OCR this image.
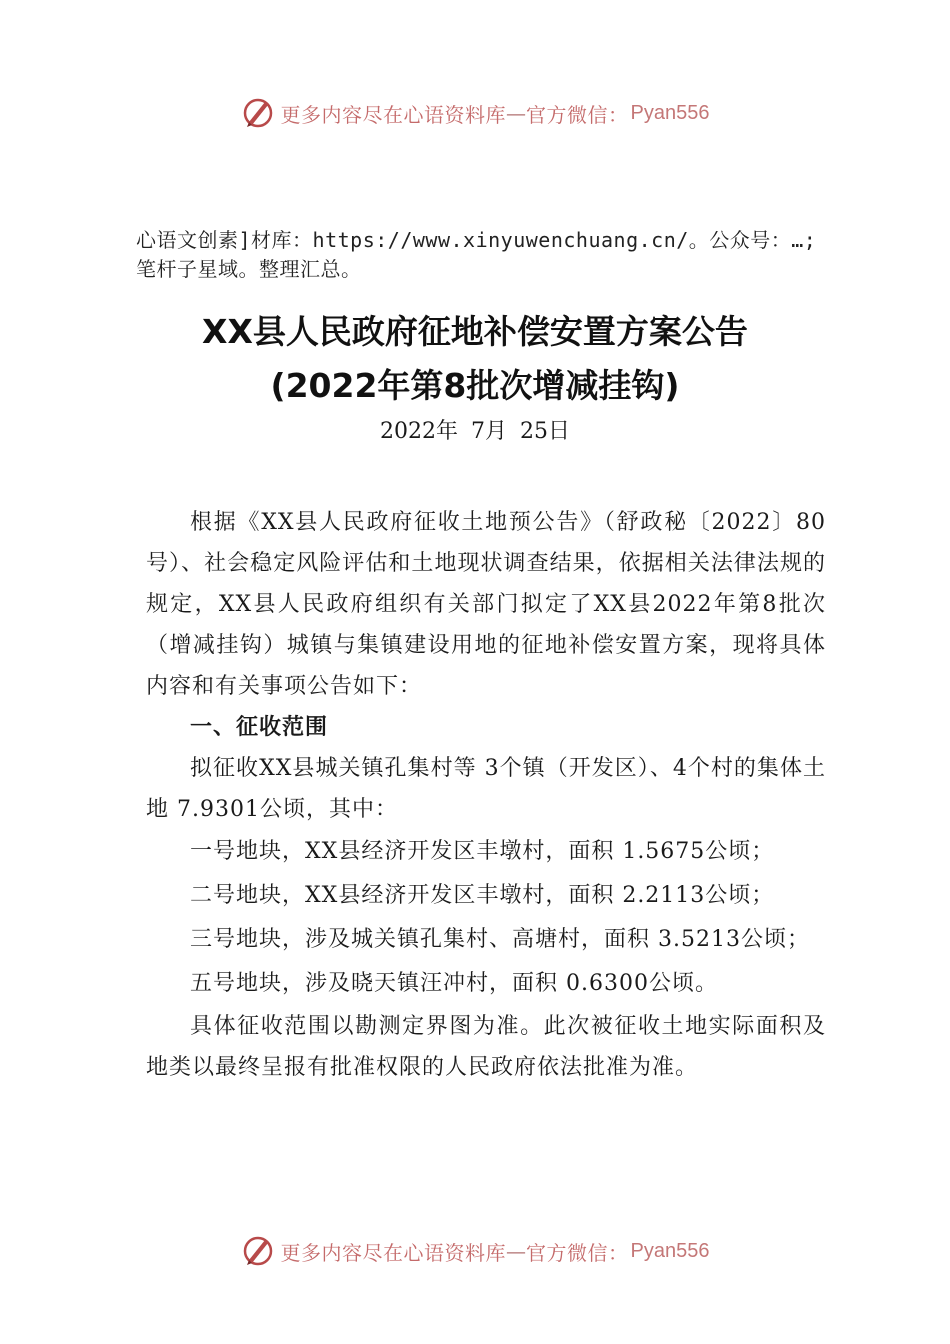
更多内容尽在心语资料库 — 官方微信： Pyan556
心语文创素]材库：https://www.xinyuwenchuang.cn/。公众号：…;笔杆子星域。整理汇总。
XX县人民政府征地补偿安置方案公告
(2022年第8批次增减挂钩)
2022年 7月 25日

根据《XX县人民政府征收土地预公告》（舒政秘〔2022〕80号）、社会稳定风险评估和土地现状调查结果，依据相关法律法规的规定，XX县人民政府组织有关部门拟定了XX县2022年第8批次（增减挂钩）城镇与集镇建设用地的征地补偿安置方案，现将具体内容和有关事项公告如下：

一、征收范围

拟征收XX县城关镇孔集村等 3个镇（开发区）、4个村的集体土地 7.9301公顷，其中：

一号地块，XX县经济开发区丰墩村，面积 1.5675公顷；

二号地块，XX县经济开发区丰墩村，面积 2.2113公顷；

三号地块，涉及城关镇孔集村、高塘村，面积 3.5213公顷；

五号地块，涉及晓天镇汪冲村，面积 0.6300公顷。

具体征收范围以勘测定界图为准。此次被征收土地实际面积及地类以最终呈报有批准权限的人民政府依法批准为准。

更多内容尽在心语资料库 — 官方微信： Pyan556
